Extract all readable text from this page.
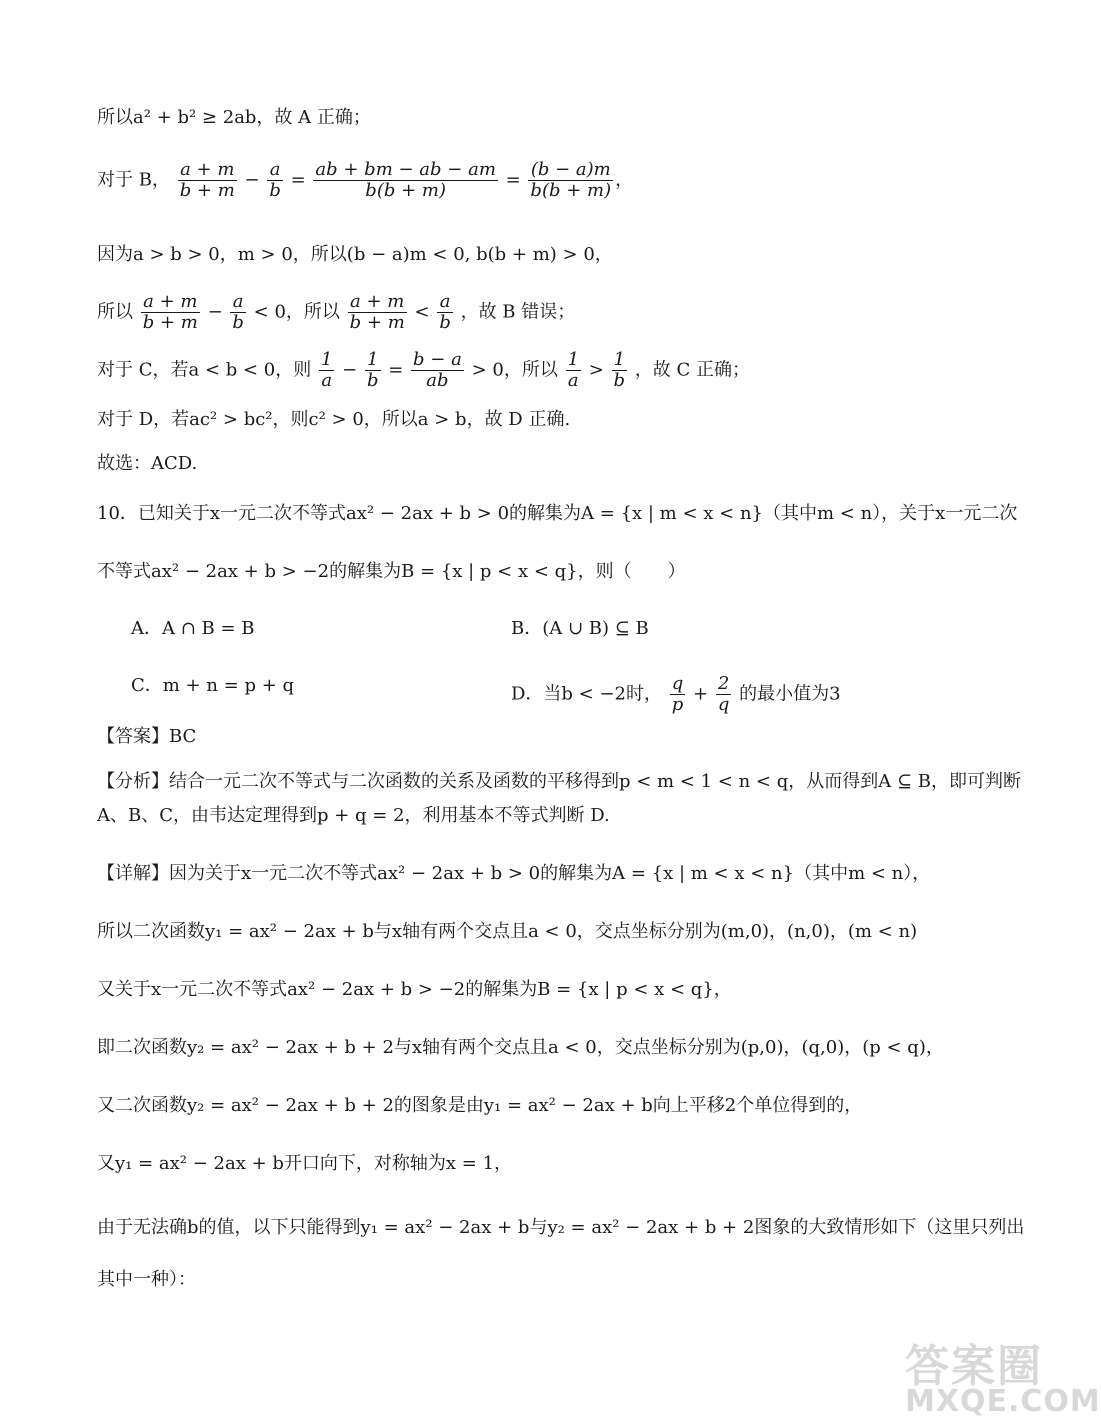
所以a² + b² ≥ 2ab，故 A 正确；
对于 B， $\frac{a + m}{b + m} - \frac{a}{b} = \frac{ab + bm - ab - am}{b(b + m)} = \frac{(b - a)m}{b(b + m)}$ ，
因为a > b > 0，m > 0，所以(b − a)m < 0, b(b + m) > 0，
所以 $\frac{a + m}{b + m} - \frac{a}{b} < 0$，所以 $\frac{a + m}{b + m} < \frac{a}{b}$ ，故 B 错误；
对于 C，若a < b < 0，则 $\frac{1}{a} - \frac{1}{b} = \frac{b - a}{ab} > 0$，所以 $\frac{1}{a} > \frac{1}{b}$ ，故 C 正确；
对于 D，若ac² > bc²，则c² > 0，所以a > b，故 D 正确.
故选：ACD.
10．已知关于x一元二次不等式ax² − 2ax + b > 0的解集为A = {x | m < x < n}（其中m < n），关于x一元二次
不等式ax² − 2ax + b > −2的解集为B = {x | p < x < q}，则（　　）
A．A ∩ B = B	B．(A ∪ B) ⊆ B
C．m + n = p + q	D．当b < −2时， $\frac{q}{p} + \frac{2}{q}$ 的最小值为3
【答案】BC
【分析】结合一元二次不等式与二次函数的关系及函数的平移得到p < m < 1 < n < q，从而得到A ⊆ B，即可判断 A、B、C，由韦达定理得到p + q = 2，利用基本不等式判断 D.
【详解】因为关于x一元二次不等式ax² − 2ax + b > 0的解集为A = {x | m < x < n}（其中m < n），
所以二次函数y₁ = ax² − 2ax + b与x轴有两个交点且a < 0，交点坐标分别为(m,0)，(n,0)，(m < n)
又关于x一元二次不等式ax² − 2ax + b > −2的解集为B = {x | p < x < q}，
即二次函数y₂ = ax² − 2ax + b + 2与x轴有两个交点且a < 0，交点坐标分别为(p,0)，(q,0)，(p < q)，
又二次函数y₂ = ax² − 2ax + b + 2的图象是由y₁ = ax² − 2ax + b向上平移2个单位得到的，
又y₁ = ax² − 2ax + b开口向下，对称轴为x = 1，
由于无法确b的值，以下只能得到y₁ = ax² − 2ax + b与y₂ = ax² − 2ax + b + 2图象的大致情形如下（这里只列出其中一种）：
答案圈
MXQE.COM
